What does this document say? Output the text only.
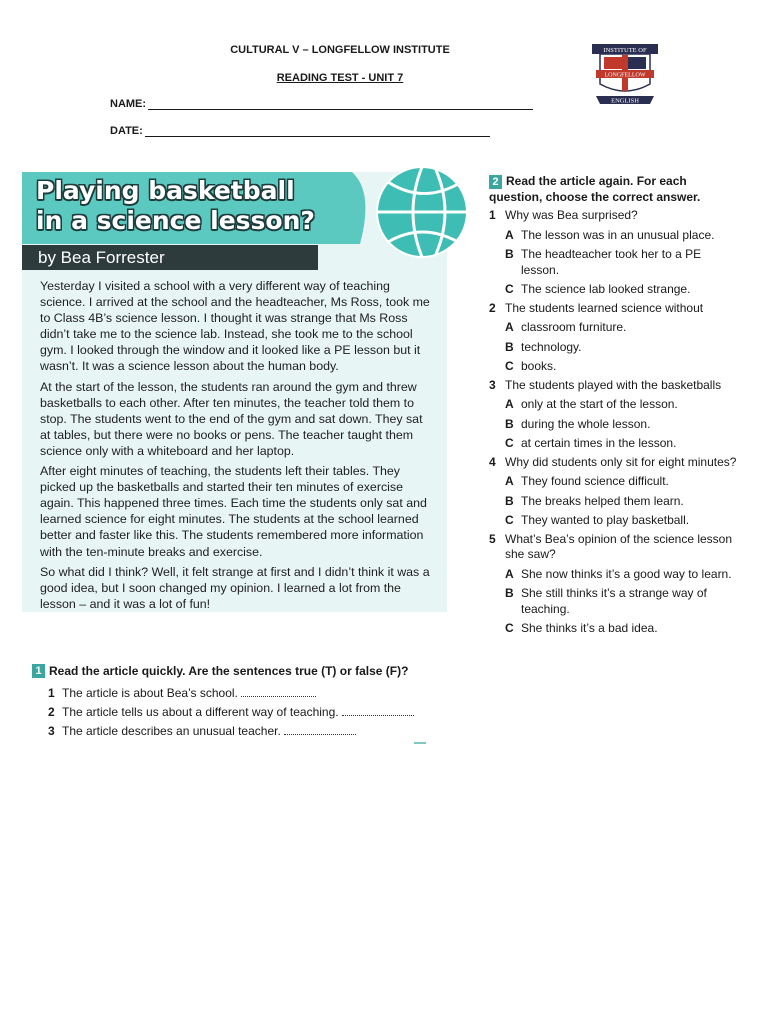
CULTURAL V – LONGFELLOW INSTITUTE
READING TEST - UNIT 7
NAME:
DATE:
INSTITUTE OF
LONGFELLOW
ENGLISH
Playing basketball
in a science lesson?
by Bea Forrester

Yesterday I visited a school with a very different way of teaching science. I arrived at the school and the headteacher, Ms Ross, took me to Class 4B’s science lesson. I thought it was strange that Ms Ross didn’t take me to the science lab. Instead, she took me to the school gym. I looked through the window and it looked like a PE lesson but it wasn’t. It was a science lesson about the human body.

At the start of the lesson, the students ran around the gym and threw basketballs to each other. After ten minutes, the teacher told them to stop. The students went to the end of the gym and sat down. They sat at tables, but there were no books or pens. The teacher taught them science only with a whiteboard and her laptop.

After eight minutes of teaching, the students left their tables. They picked up the basketballs and started their ten minutes of exercise again. This happened three times. Each time the students only sat and learned science for eight minutes. The students at the school learned better and faster like this. The students remembered more information with the ten-minute breaks and exercise.

So what did I think? Well, it felt strange at first and I didn’t think it was a good idea, but I soon changed my opinion. I learned a lot from the lesson – and it was a lot of fun!

1 Read the article quickly. Are the sentences true (T) or false (F)?
1 The article is about Bea’s school.
2 The article tells us about a different way of teaching.
3 The article describes an unusual teacher.
2 Read the article again. For each question, choose the correct answer.
1 Why was Bea surprised?
A The lesson was in an unusual place.
B The headteacher took her to a PE lesson.
C The science lab looked strange.
2 The students learned science without
A classroom furniture.
B technology.
C books.
3 The students played with the basketballs
A only at the start of the lesson.
B during the whole lesson.
C at certain times in the lesson.
4 Why did students only sit for eight minutes?
A They found science difficult.
B The breaks helped them learn.
C They wanted to play basketball.
5 What’s Bea’s opinion of the science lesson she saw?
A She now thinks it’s a good way to learn.
B She still thinks it’s a strange way of teaching.
C She thinks it’s a bad idea.
